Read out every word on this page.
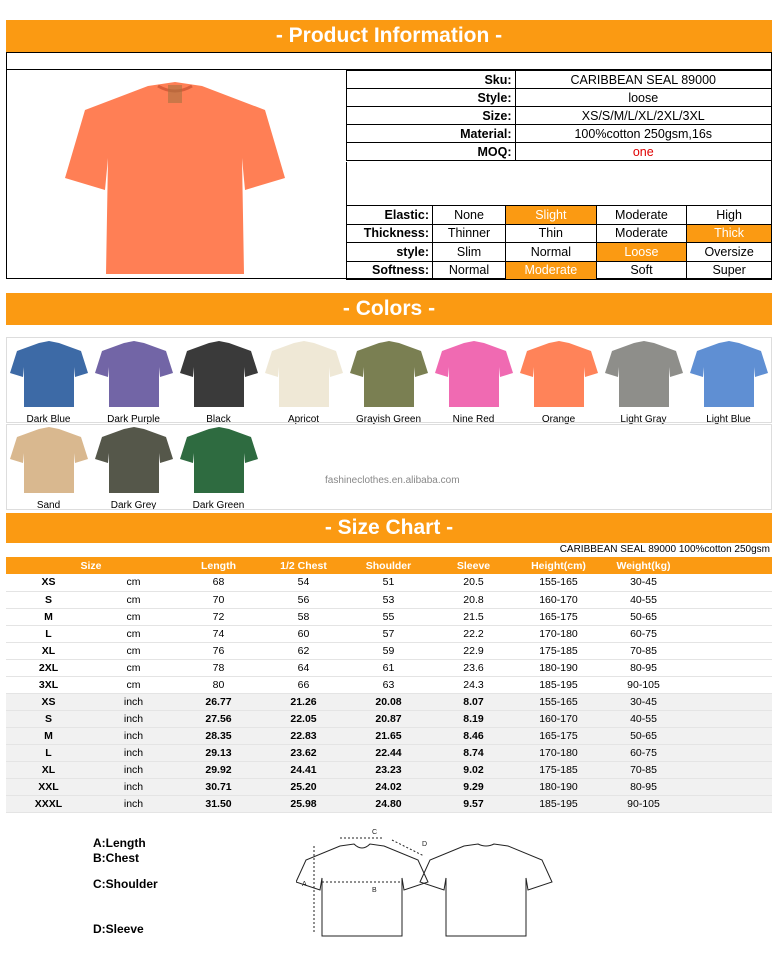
- Product Information -
Sku:	CARIBBEAN SEAL 89000
Style:	loose
Size:	XS/S/M/L/XL/2XL/3XL
Material:	100%cotton 250gsm,16s
MOQ:	one
Elastic:	None	Slight	Moderate	High
Thickness:	Thinner	Thin	Moderate	Thick
style:	Slim	Normal	Loose	Oversize
Softness:	Normal	Moderate	Soft	Super
- Colors -
Dark Blue	Dark Purple	Black	Apricot	Grayish Green	Nine Red	Orange	Light Gray	Light Blue
Sand	Dark Grey	Dark Green
fashineclothes.en.alibaba.com
- Size Chart -
CARIBBEAN SEAL 89000 100%cotton 250gsm
Size		Length	1/2 Chest	Shoulder	Sleeve	Height(cm)	Weight(kg)	
XS	cm	68	54	51	20.5	155-165	30-45	
S	cm	70	56	53	20.8	160-170	40-55	
M	cm	72	58	55	21.5	165-175	50-65	
L	cm	74	60	57	22.2	170-180	60-75	
XL	cm	76	62	59	22.9	175-185	70-85	
2XL	cm	78	64	61	23.6	180-190	80-95	
3XL	cm	80	66	63	24.3	185-195	90-105	
XS	inch	26.77	21.26	20.08	8.07	155-165	30-45	
S	inch	27.56	22.05	20.87	8.19	160-170	40-55	
M	inch	28.35	22.83	21.65	8.46	165-175	50-65	
L	inch	29.13	23.62	22.44	8.74	170-180	60-75	
XL	inch	29.92	24.41	23.23	9.02	175-185	70-85	
XXL	inch	30.71	25.20	24.02	9.29	180-190	80-95	
XXXL	inch	31.50	25.98	24.80	9.57	185-195	90-105	
A:Length
B:Chest
C:Shoulder
D:Sleeve
C
D
A
B
